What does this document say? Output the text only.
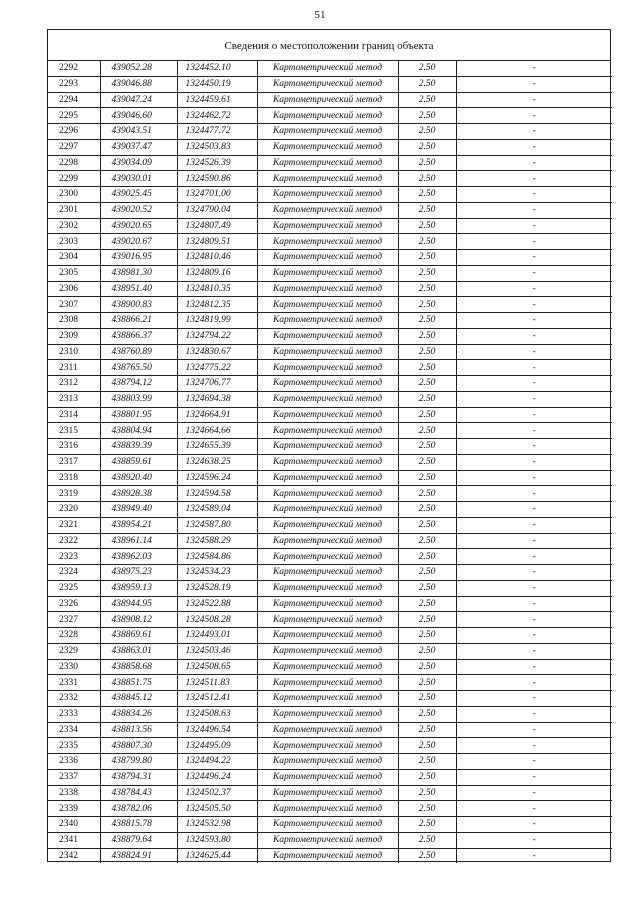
51
Сведения о местоположении границ объекта
2292	439052.28	1324452.10	Картометрический метод	2.50	-
2293	439046.88	1324450.19	Картометрический метод	2.50	-
2294	439047.24	1324459.61	Картометрический метод	2.50	-
2295	439046.60	1324462.72	Картометрический метод	2.50	-
2296	439043.51	1324477.72	Картометрический метод	2.50	-
2297	439037.47	1324503.83	Картометрический метод	2.50	-
2298	439034.09	1324526.39	Картометрический метод	2.50	-
2299	439030.01	1324590.86	Картометрический метод	2.50	-
2300	439025.45	1324701.00	Картометрический метод	2.50	-
2301	439020.52	1324790.04	Картометрический метод	2.50	-
2302	439020.65	1324807.49	Картометрический метод	2.50	-
2303	439020.67	1324809.51	Картометрический метод	2.50	-
2304	439016.95	1324810.46	Картометрический метод	2.50	-
2305	438981.30	1324809.16	Картометрический метод	2.50	-
2306	438951.40	1324810.35	Картометрический метод	2.50	-
2307	438900.83	1324812.35	Картометрический метод	2.50	-
2308	438866.21	1324819.99	Картометрический метод	2.50	-
2309	438866.37	1324794.22	Картометрический метод	2.50	-
2310	438760.89	1324830.67	Картометрический метод	2.50	-
2311	438765.50	1324775.22	Картометрический метод	2.50	-
2312	438794.12	1324706.77	Картометрический метод	2.50	-
2313	438803.99	1324694.38	Картометрический метод	2.50	-
2314	438801.95	1324664.91	Картометрический метод	2.50	-
2315	438804.94	1324664.66	Картометрический метод	2.50	-
2316	438839.39	1324655.39	Картометрический метод	2.50	-
2317	438859.61	1324638.25	Картометрический метод	2.50	-
2318	438920.40	1324596.24	Картометрический метод	2.50	-
2319	438928.38	1324594.58	Картометрический метод	2.50	-
2320	438949.40	1324589.04	Картометрический метод	2.50	-
2321	438954.21	1324587.80	Картометрический метод	2.50	-
2322	438961.14	1324588.29	Картометрический метод	2.50	-
2323	438962.03	1324584.86	Картометрический метод	2.50	-
2324	438975.23	1324534.23	Картометрический метод	2.50	-
2325	438959.13	1324528.19	Картометрический метод	2.50	-
2326	438944.95	1324522.88	Картометрический метод	2.50	-
2327	438908.12	1324508.28	Картометрический метод	2.50	-
2328	438869.61	1324493.01	Картометрический метод	2.50	-
2329	438863.01	1324503.46	Картометрический метод	2.50	-
2330	438858.68	1324508.65	Картометрический метод	2.50	-
2331	438851.75	1324511.83	Картометрический метод	2.50	-
2332	438845.12	1324512.41	Картометрический метод	2.50	-
2333	438834.26	1324508.63	Картометрический метод	2.50	-
2334	438813.56	1324496.54	Картометрический метод	2.50	-
2335	438807.30	1324495.09	Картометрический метод	2.50	-
2336	438799.80	1324494.22	Картометрический метод	2.50	-
2337	438794.31	1324496.24	Картометрический метод	2.50	-
2338	438784.43	1324502.37	Картометрический метод	2.50	-
2339	438782.06	1324505.50	Картометрический метод	2.50	-
2340	438815.78	1324532.98	Картометрический метод	2.50	-
2341	438879.64	1324593.80	Картометрический метод	2.50	-
2342	438824.91	1324625.44	Картометрический метод	2.50	-
